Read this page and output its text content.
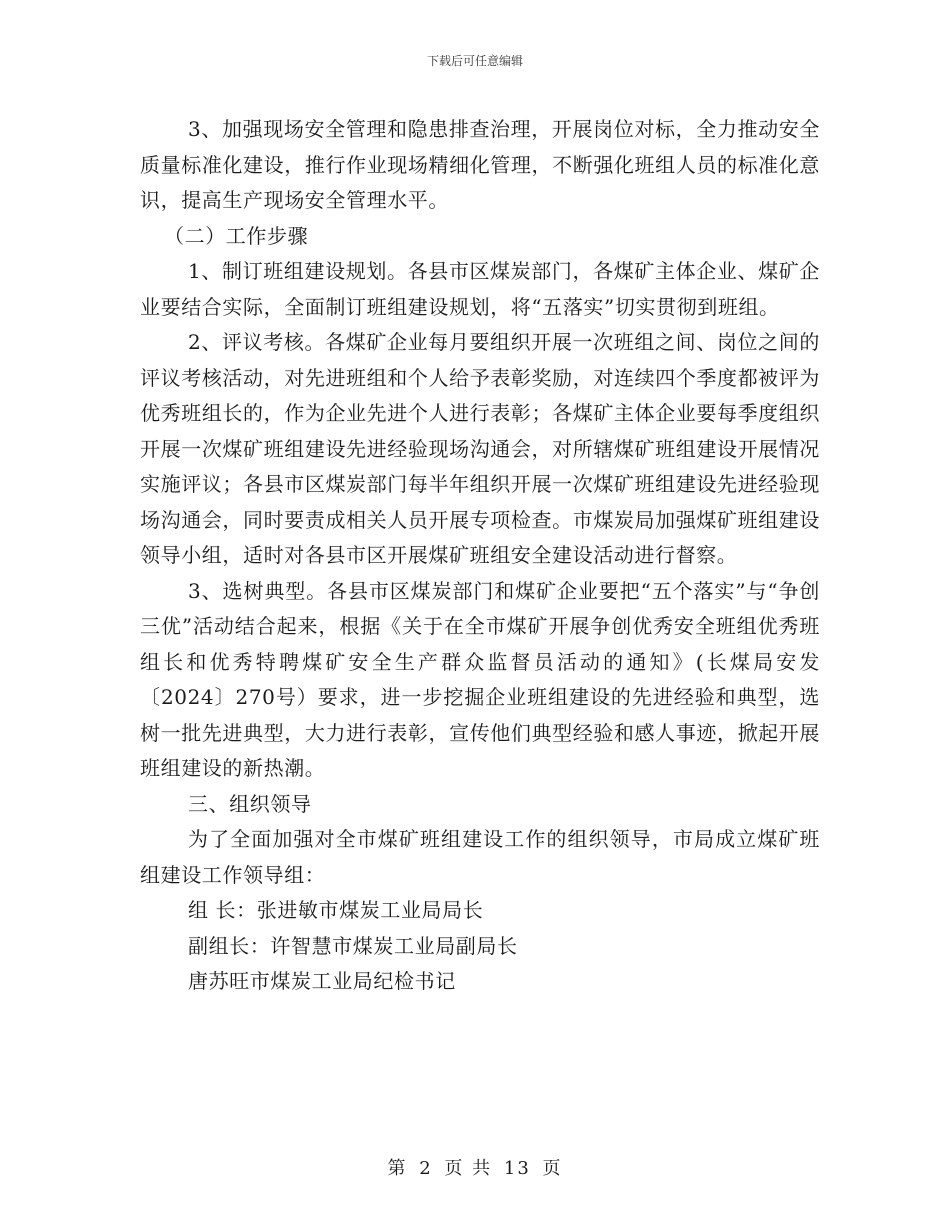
下载后可任意编辑

3、加强现场安全管理和隐患排查治理，开展岗位对标，全力推动安全质量标准化建设，推行作业现场精细化管理，不断强化班组人员的标准化意识，提高生产现场安全管理水平。

（二）工作步骤

1、制订班组建设规划。各县市区煤炭部门，各煤矿主体企业、煤矿企业要结合实际，全面制订班组建设规划，将“五落实”切实贯彻到班组。

2、评议考核。各煤矿企业每月要组织开展一次班组之间、岗位之间的评议考核活动，对先进班组和个人给予表彰奖励，对连续四个季度都被评为优秀班组长的，作为企业先进个人进行表彰；各煤矿主体企业要每季度组织开展一次煤矿班组建设先进经验现场沟通会，对所辖煤矿班组建设开展情况实施评议；各县市区煤炭部门每半年组织开展一次煤矿班组建设先进经验现场沟通会，同时要责成相关人员开展专项检查。市煤炭局加强煤矿班组建设领导小组，适时对各县市区开展煤矿班组安全建设活动进行督察。

3、选树典型。各县市区煤炭部门和煤矿企业要把“五个落实”与“争创三优”活动结合起来，根据《关于在全市煤矿开展争创优秀安全班组优秀班组长和优秀特聘煤矿安全生产群众监督员活动的通知》(长煤局安发〔2024〕270号）要求，进一步挖掘企业班组建设的先进经验和典型，选树一批先进典型，大力进行表彰，宣传他们典型经验和感人事迹，掀起开展班组建设的新热潮。

三、组织领导

为了全面加强对全市煤矿班组建设工作的组织领导，市局成立煤矿班组建设工作领导组：

组 长：张进敏市煤炭工业局局长

副组长：许智慧市煤炭工业局副局长

唐苏旺市煤炭工业局纪检书记

第 2 页 共 13 页
